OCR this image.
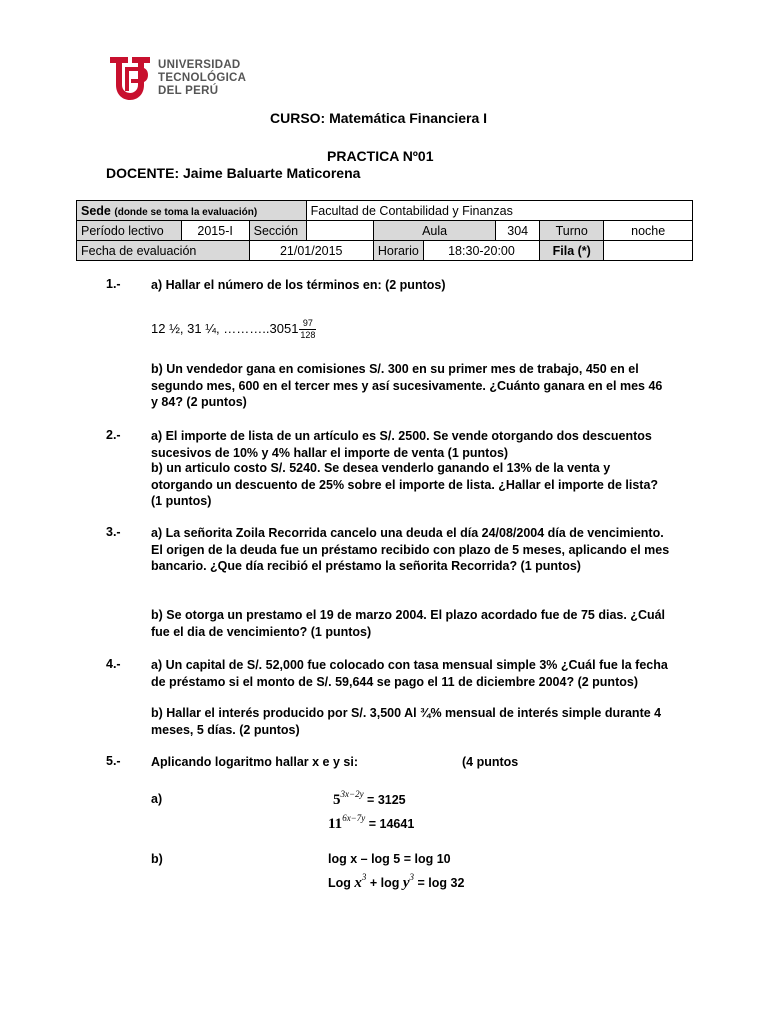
UNIVERSIDAD
TECNOLÓGICA
DEL PERÚ
CURSO: Matemática Financiera I
PRACTICA Nº01
DOCENTE: Jaime Baluarte Maticorena
Sede (donde se toma la evaluación)			Facultad de Contabilidad y Finanzas					
Período lectivo	2015-I	Sección		Aula		304	Turno	noche
Fecha de evaluación		21/01/2015		Horario	18:30-20:00		Fila (*)	
1.- a) Hallar el número de los términos en: (2 puntos)
12 ½, 31 ¼, ………..3051 $\frac{97}{128}$
b) Un vendedor gana en comisiones S/. 300 en su primer mes de trabajo, 450 en el segundo mes, 600 en el tercer mes y así sucesivamente. ¿Cuánto ganara en el mes 46 y 84? (2 puntos)
2.- a) El importe de lista de un artículo es S/. 2500. Se vende otorgando dos descuentos sucesivos de 10% y 4% hallar el importe de venta (1 puntos)
b) un articulo costo S/. 5240. Se desea venderlo ganando el 13% de la venta y otorgando un descuento de 25% sobre el importe de lista. ¿Hallar el importe de lista? (1 puntos)
3.- a) La señorita Zoila Recorrida cancelo una deuda el día 24/08/2004 día de vencimiento. El origen de la deuda fue un préstamo recibido con plazo de 5 meses, aplicando el mes bancario. ¿Que día recibió el préstamo la señorita Recorrida? (1 puntos)
b) Se otorga un prestamo el 19 de marzo 2004. El plazo acordado fue de 75 dias. ¿Cuál fue el dia de vencimiento? (1 puntos)
4.- a) Un capital de S/. 52,000 fue colocado con tasa mensual simple 3% ¿Cuál fue la fecha de préstamo si el monto de S/. 59,644 se pago el 11 de diciembre 2004? (2 puntos)
b) Hallar el interés producido por S/. 3,500 Al ¾% mensual de interés simple durante 4 meses, 5 días. (2 puntos)
5.- Aplicando logaritmo hallar x e y si:	(4 puntos
a)	$5^{3x-2y} = 3125$
$11^{6x-7y} = 14641$
b)	log x – log 5 = log 10
Log $x^3 + \log y^3 = \log 32$
